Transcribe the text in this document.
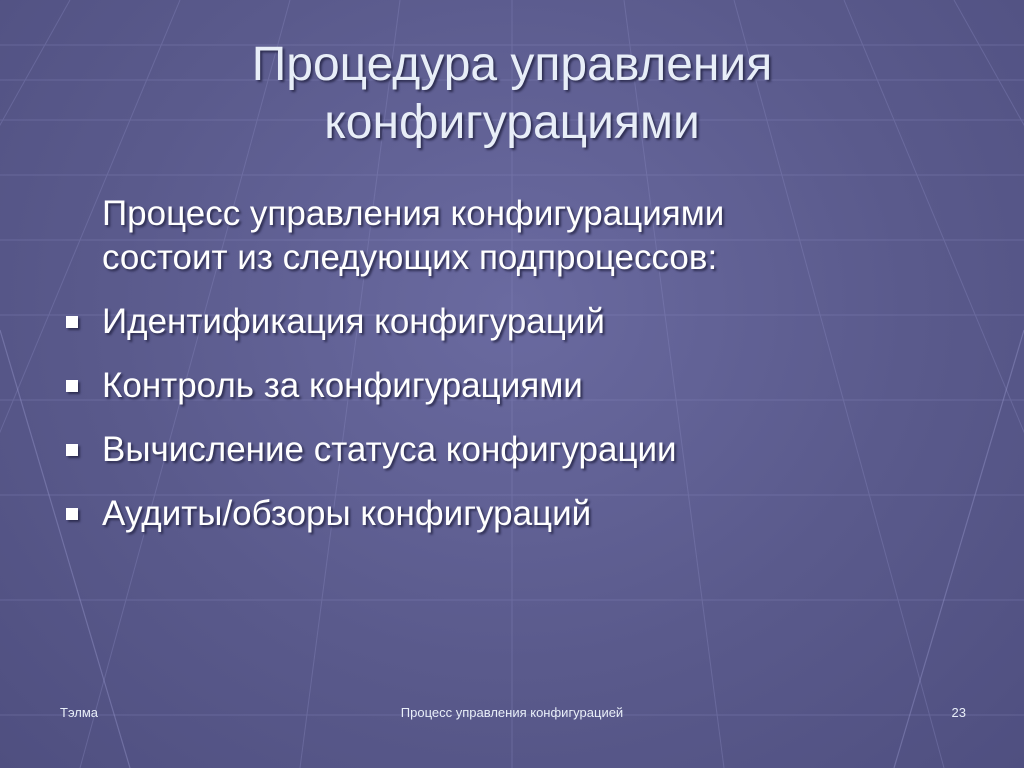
Процедура управления
конфигурациями
Процесс управления конфигурациями
состоит из следующих подпроцессов:
Идентификация конфигураций
Контроль за конфигурациями
Вычисление статуса конфигурации
Аудиты/обзоры конфигураций
Тэлма	Процесс управления конфигурацией	23
